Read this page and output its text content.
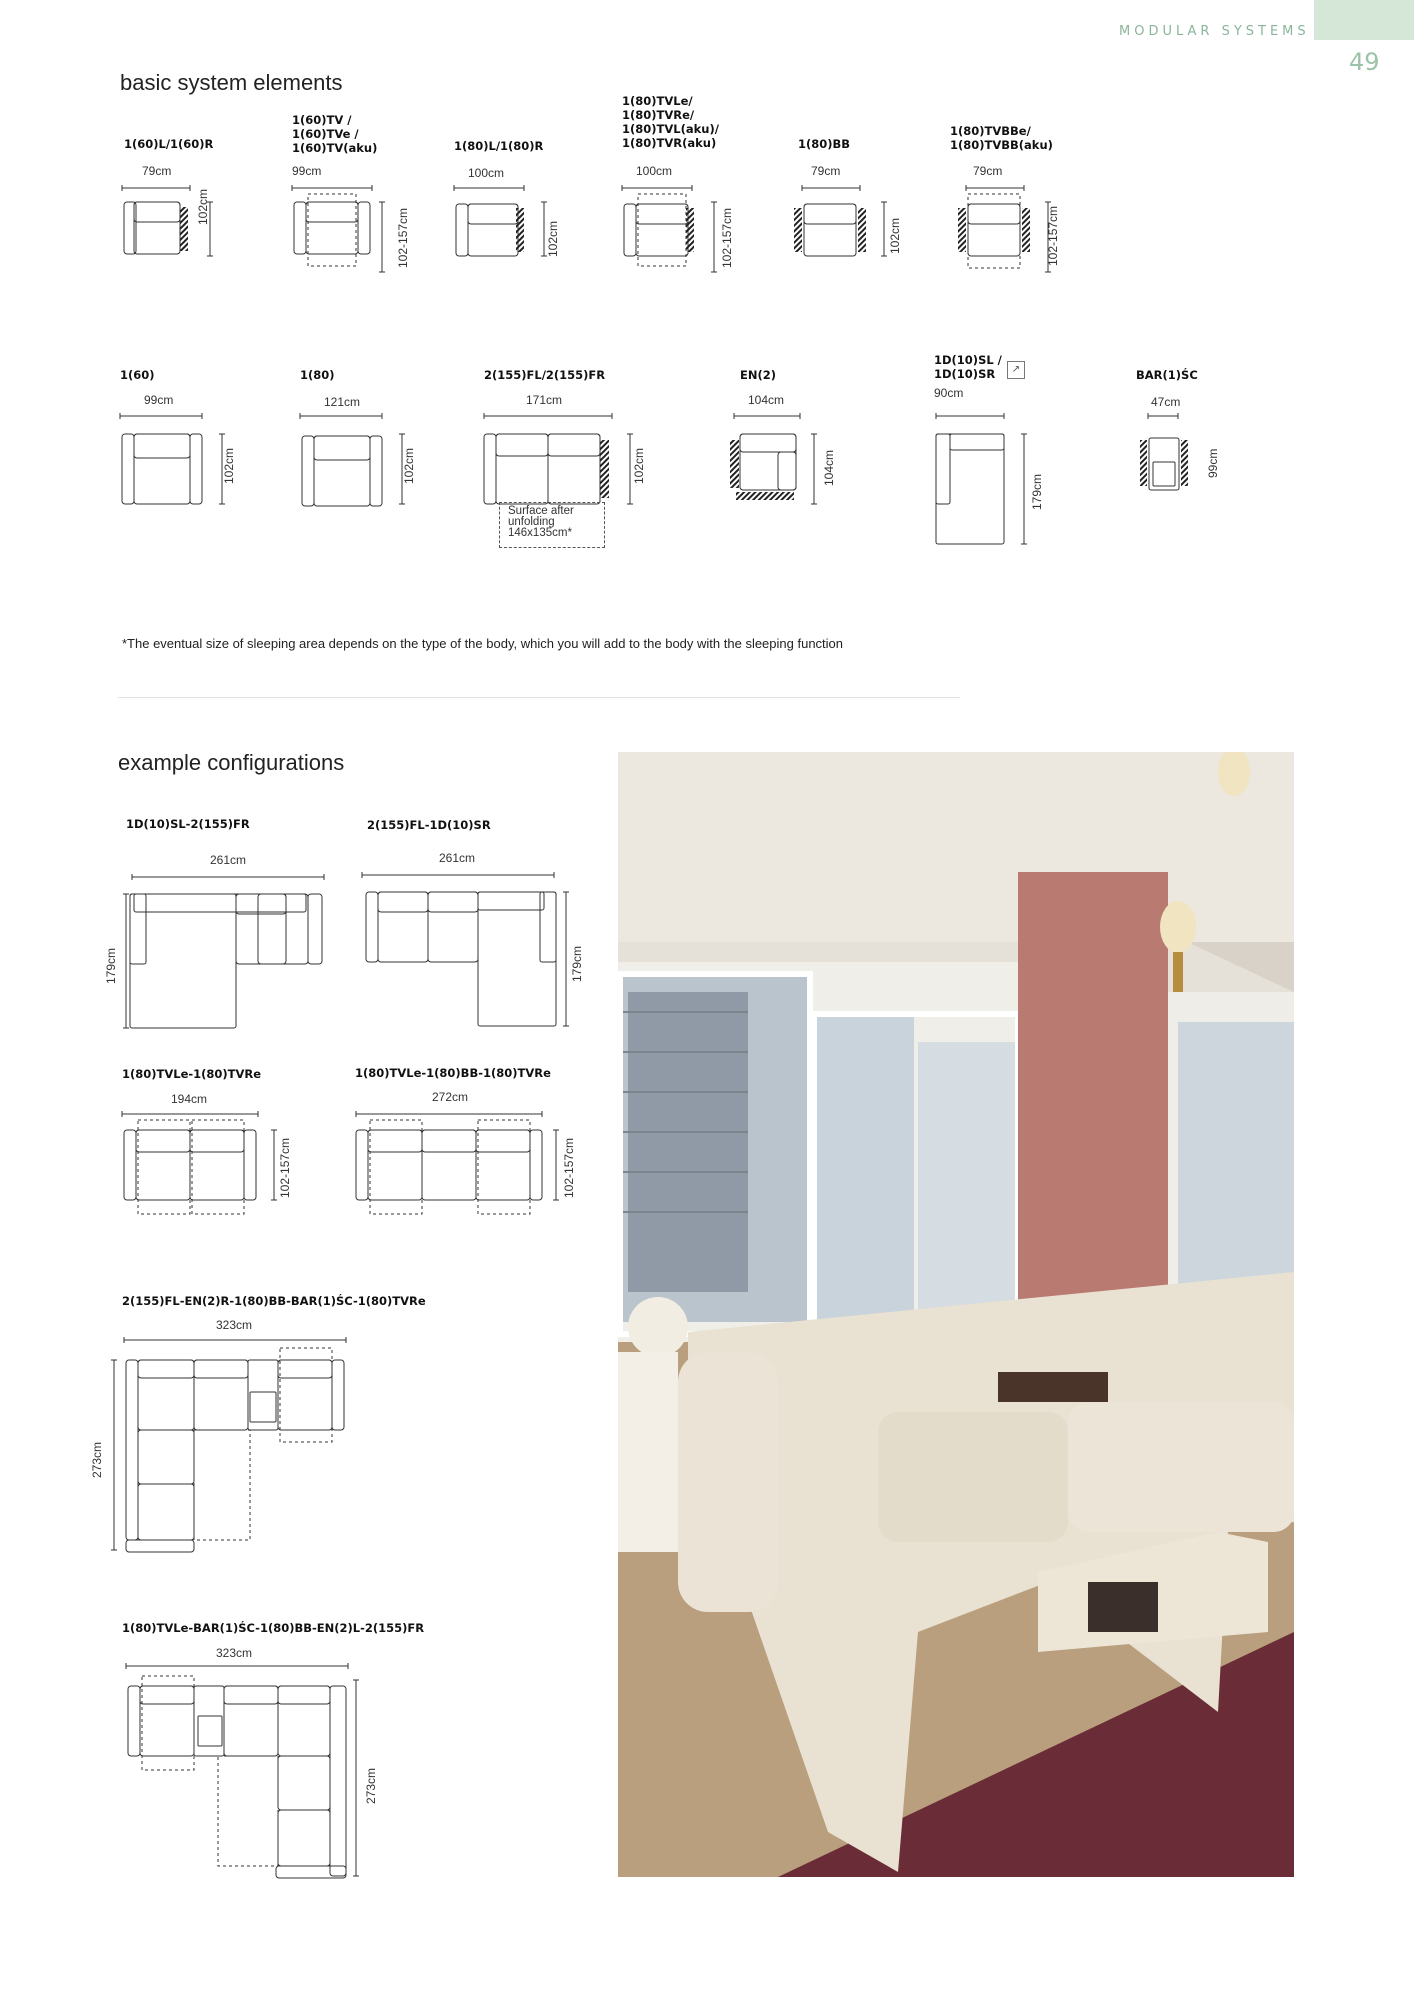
MODULAR SYSTEMS
49
basic system elements
1(60)L/1(60)R
1(60)TV /
1(60)TVe /
1(60)TV(aku)	1(80)L/1(80)R
1(80)TVLe/
1(80)TVRe/
1(80)TVL(aku)/
1(80)TVR(aku)	1(80)BB
1(80)TVBBe/
1(80)TVBB(aku)
79cm	99cm	100cm	100cm	79cm	79cm
102cm
102-157cm	102cm	102-157cm	102cm	102-157cm
1(60)	1(80)	2(155)FL/2(155)FR	EN(2)
1D(10)SL /
1D(10)SR	BAR(1)ŚC
↗
99cm	121cm	171cm	104cm	90cm
47cm
102cm	102cm	102cm	104cm
179cm
99cm
Surface after
unfolding
146x135cm*
*The eventual size of sleeping area depends on the type of the body, which you will add to the body with the sleeping function
example configurations
1D(10)SL-2(155)FR	2(155)FL-1D(10)SR
1(80)TVLe-1(80)TVRe	1(80)TVLe-1(80)BB-1(80)TVRe
2(155)FL-EN(2)R-1(80)BB-BAR(1)ŚC-1(80)TVRe
1(80)TVLe-BAR(1)ŚC-1(80)BB-EN(2)L-2(155)FR
261cm	261cm
194cm	272cm
323cm
323cm
179cm	179cm
102-157cm	102-157cm
273cm
273cm
